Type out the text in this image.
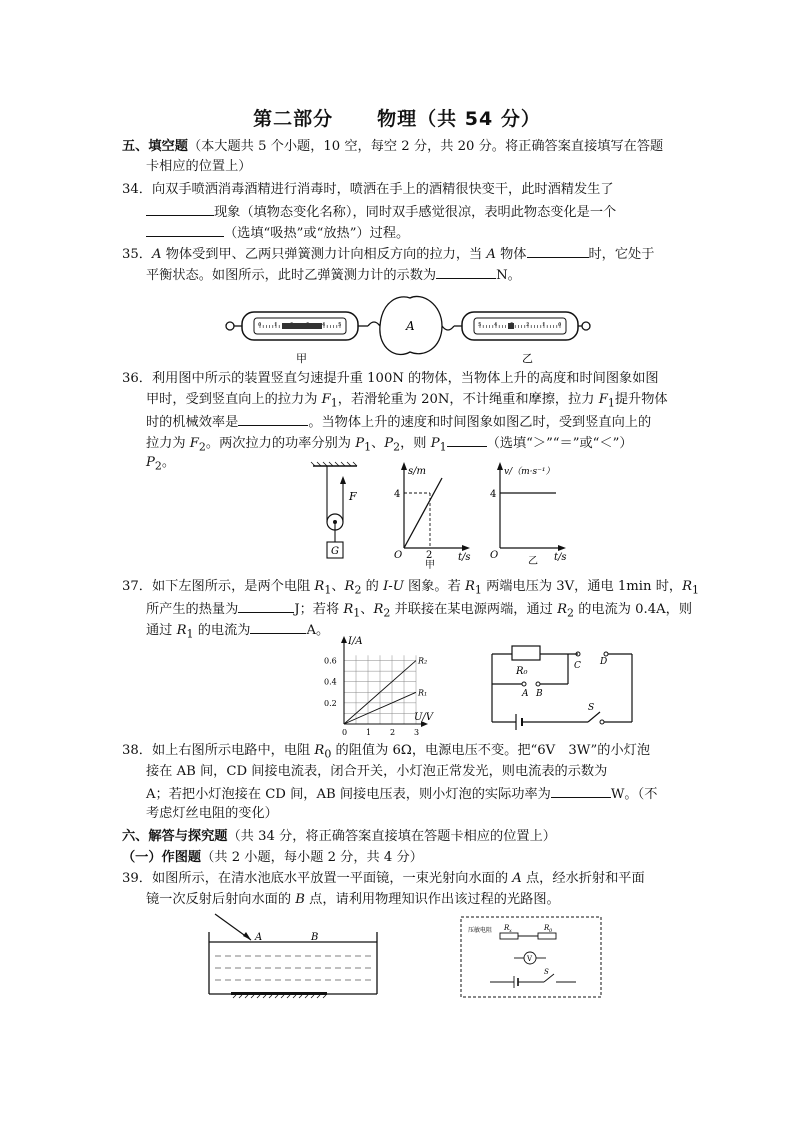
第二部分 物理（共 54 分）
五、填空题（本大题共 5 个小题，10 空，每空 2 分，共 20 分。将正确答案直接填写在答题
卡相应的位置上）
34．向双手喷洒消毒酒精进行消毒时，喷洒在手上的酒精很快变干，此时酒精发生了
现象（填物态变化名称），同时双手感觉很凉，表明此物态变化是一个
（选填“吸热”或“放热”）过程。
35．A 物体受到甲、乙两只弹簧测力计向相反方向的拉力，当 A 物体	时，它处于
平衡状态。如图所示，此时乙弹簧测力计的示数为	N。
0	1	4	5	A	5	4	2	1	0
甲	乙
36．利用图中所示的装置竖直匀速提升重 100N 的物体，当物体上升的高度和时间图象如图
甲时，受到竖直向上的拉力为 $F_1$，若滑轮重为 20N，不计绳重和摩擦，拉力 $F_1$提升物体
时的机械效率是	。当物体上升的速度和时间图象如图乙时，受到竖直向上的
拉力为 $F_2$。两次拉力的功率分别为 $P_1$、$P_2$，则 $P_1$	（选填“＞”“＝”或“＜”）
$P_2$。
F
G
s/m
t/s
O
4
2
甲
v/（m·s⁻¹）
t/s
O
4
乙
37．如下左图所示，是两个电阻 $R_1$、$R_2$ 的 I-U 图象。若 $R_1$ 两端电压为 3V，通电 1min 时，$R_1$
所产生的热量为	J；若将 $R_1$、$R_2$ 并联接在某电源两端，通过 $R_2$ 的电流为 0.4A，则
通过 $R_1$ 的电流为	A。
R₂
R₁
0 1 2 3
0.2
0.4
0.6
I/A
U/V
R₀	C D
A B
S
38．如上右图所示电路中，电阻 $R_0$ 的阻值为 6Ω，电源电压不变。把“6V　3W”的小灯泡
接在 AB 间，CD 间接电流表，闭合开关，小灯泡正常发光，则电流表的示数为
A；若把小灯泡接在 CD 间，AB 间接电压表，则小灯泡的实际功率为	W。（不
考虑灯丝电阻的变化）
六、解答与探究题（共 34 分，将正确答案直接填在答题卡相应的位置上）
（一）作图题（共 2 小题，每小题 2 分，共 4 分）
39．如图所示，在清水池底水平放置一平面镜，一束光射向水面的 A 点，经水折射和平面
镜一次反射后射向水面的 B 点，请利用物理知识作出该过程的光路图。
A	B
压敏电阻 R x	R 0
V
S
